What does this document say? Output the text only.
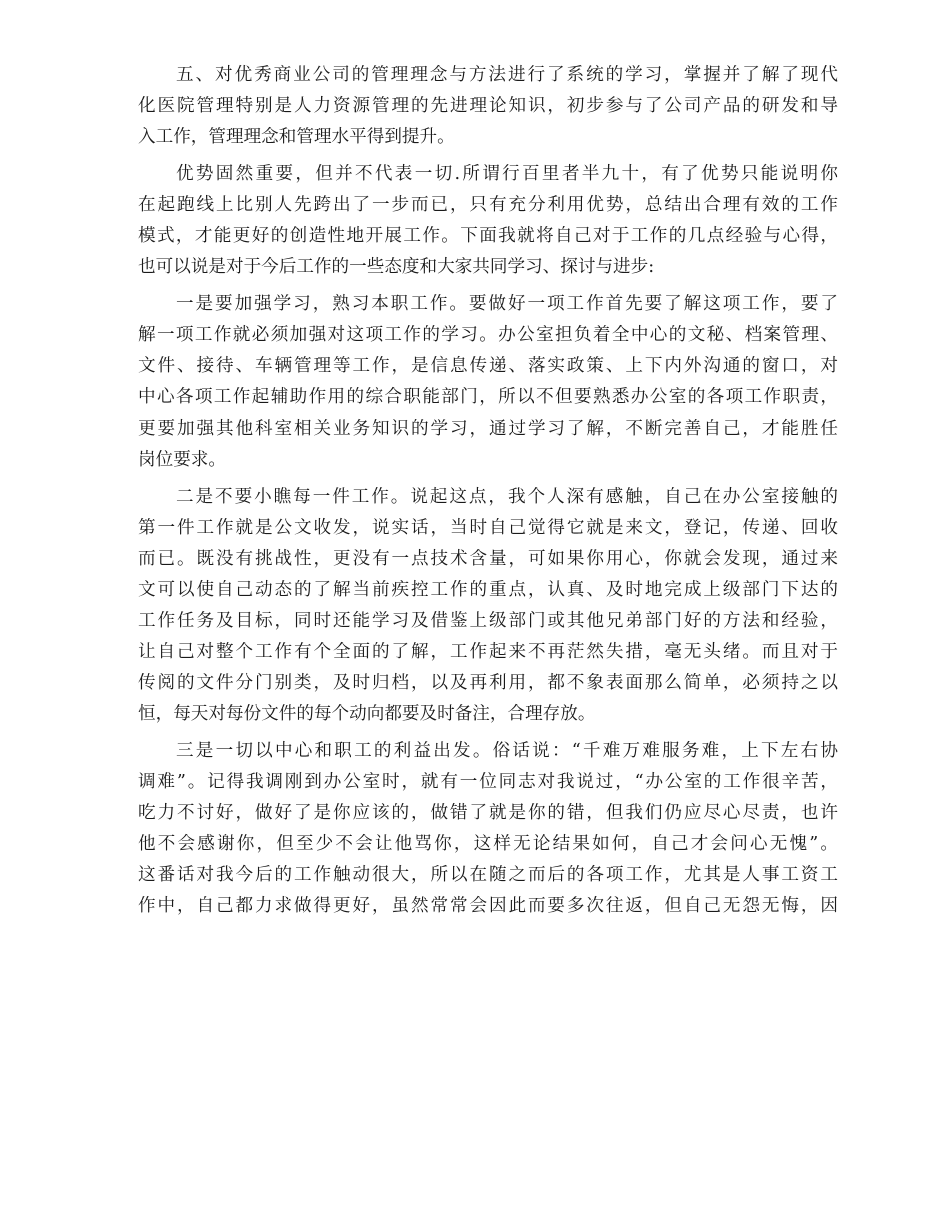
五、对优秀商业公司的管理理念与方法进行了系统的学习，掌握并了解了现代
化医院管理特别是人力资源管理的先进理论知识，初步参与了公司产品的研发和导
入工作，管理理念和管理水平得到提升。
优势固然重要，但并不代表一切.所谓行百里者半九十，有了优势只能说明你
在起跑线上比别人先跨出了一步而已，只有充分利用优势，总结出合理有效的工作
模式，才能更好的创造性地开展工作。下面我就将自己对于工作的几点经验与心得，
也可以说是对于今后工作的一些态度和大家共同学习、探讨与进步:
一是要加强学习，熟习本职工作。要做好一项工作首先要了解这项工作，要了
解一项工作就必须加强对这项工作的学习。办公室担负着全中心的文秘、档案管理、
文件、接待、车辆管理等工作，是信息传递、落实政策、上下内外沟通的窗口，对
中心各项工作起辅助作用的综合职能部门，所以不但要熟悉办公室的各项工作职责，
更要加强其他科室相关业务知识的学习，通过学习了解，不断完善自己，才能胜任
岗位要求。
二是不要小瞧每一件工作。说起这点，我个人深有感触，自己在办公室接触的
第一件工作就是公文收发，说实话，当时自己觉得它就是来文，登记，传递、回收
而已。既没有挑战性，更没有一点技术含量，可如果你用心，你就会发现，通过来
文可以使自己动态的了解当前疾控工作的重点，认真、及时地完成上级部门下达的
工作任务及目标，同时还能学习及借鉴上级部门或其他兄弟部门好的方法和经验，
让自己对整个工作有个全面的了解，工作起来不再茫然失措，毫无头绪。而且对于
传阅的文件分门别类，及时归档，以及再利用，都不象表面那么简单，必须持之以
恒，每天对每份文件的每个动向都要及时备注，合理存放。
三是一切以中心和职工的利益出发。俗话说：“千难万难服务难，上下左右协
调难”。记得我调刚到办公室时，就有一位同志对我说过，“办公室的工作很辛苦，
吃力不讨好，做好了是你应该的，做错了就是你的错，但我们仍应尽心尽责，也许
他不会感谢你，但至少不会让他骂你，这样无论结果如何，自己才会问心无愧”。
这番话对我今后的工作触动很大，所以在随之而后的各项工作，尤其是人事工资工
作中，自己都力求做得更好，虽然常常会因此而要多次往返，但自己无怨无悔，因
